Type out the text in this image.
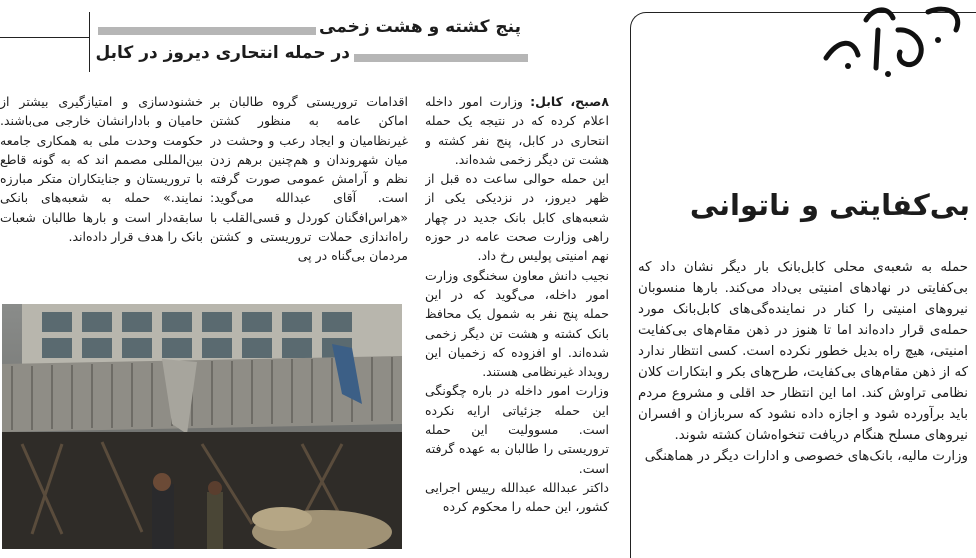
پنج کشته و هشت زخمی
در حمله انتحاری دیروز در کابل
۸صبح، کابل: وزارت امور داخله اعلام کرده که در نتیجه یک حمله انتحاری در کابل، پنج نفر کشته و هشت تن دیگر زخمی شده‌اند.
این حمله حوالی ساعت ده قبل از ظهر دیروز، در نزدیکی یکی از شعبه‌های کابل بانک جدید در چهار راهی وزارت صحت عامه در حوزه نهم امنیتی پولیس رخ داد.
نجیب دانش معاون سخنگوی وزارت امور داخله، می‌گوید که در این حمله پنج نفر به شمول یک محافظ بانک کشته و هشت تن دیگر زخمی شده‌اند. او افزوده که زخمیان این رویداد غیرنظامی هستند.
وزارت امور داخله در باره چگونگی این حمله جزئیاتی ارایه نکرده است. مسوولیت این حمله تروریستی را طالبان به عهده گرفته است.
داکتر عبدالله عبدالله رییس اجرایی کشور، این حمله را محکوم کرده
اقدامات تروریستی گروه طالبان بر اماکن عامه به منظور کشتن غیرنظامیان و ایجاد رعب و وحشت در میان شهروندان و هم‌چنین برهم زدن نظم و آرامش عمومی صورت گرفته است. آقای عبدالله می‌گوید: «هراس‌افگنان کوردل و قسی‌القلب با راه‌اندازی حملات تروریستی و کشتن مردمان بی‌گناه در پی
خشنودسازی و امتیازگیری بیشتر از حامیان و بادارانشان خارجی می‌باشند. حکومت وحدت ملی به همکاری جامعه بین‌المللی مصمم اند که به گونه قاطع با تروریستان و جنایتکاران متکر مبارزه نمایند.» حمله به شعبه‌های بانکی سابقه‌دار است و بارها طالبان شعبات بانک را هدف قرار داده‌اند.
بی‌کفایتی و ناتوانی
حمله به شعبه‌ی محلی کابل‌بانک بار دیگر نشان داد که بی‌کفایتی در نهادهای امنیتی بی‌داد می‌کند. بارها منسوبان نیروهای امنیتی را کنار در نماینده‌گی‌های کابل‌بانک مورد حمله‌ی قرار داده‌اند اما تا هنوز در ذهن مقام‌های بی‌کفایت امنیتی، هیچ راه بدیل خطور نکرده است. کسی انتظار ندارد که از ذهن مقام‌های بی‌کفایت، طرح‌های بکر و ابتکارات کلان نظامی تراوش کند. اما این انتظار حد اقلی و مشروع مردم باید برآورده شود و اجازه داده نشود که سربازان و افسران نیروهای مسلح هنگام دریافت تنخواه‌شان کشته شوند.
وزارت مالیه، بانک‌های خصوصی و ادارات دیگر در هماهنگی
